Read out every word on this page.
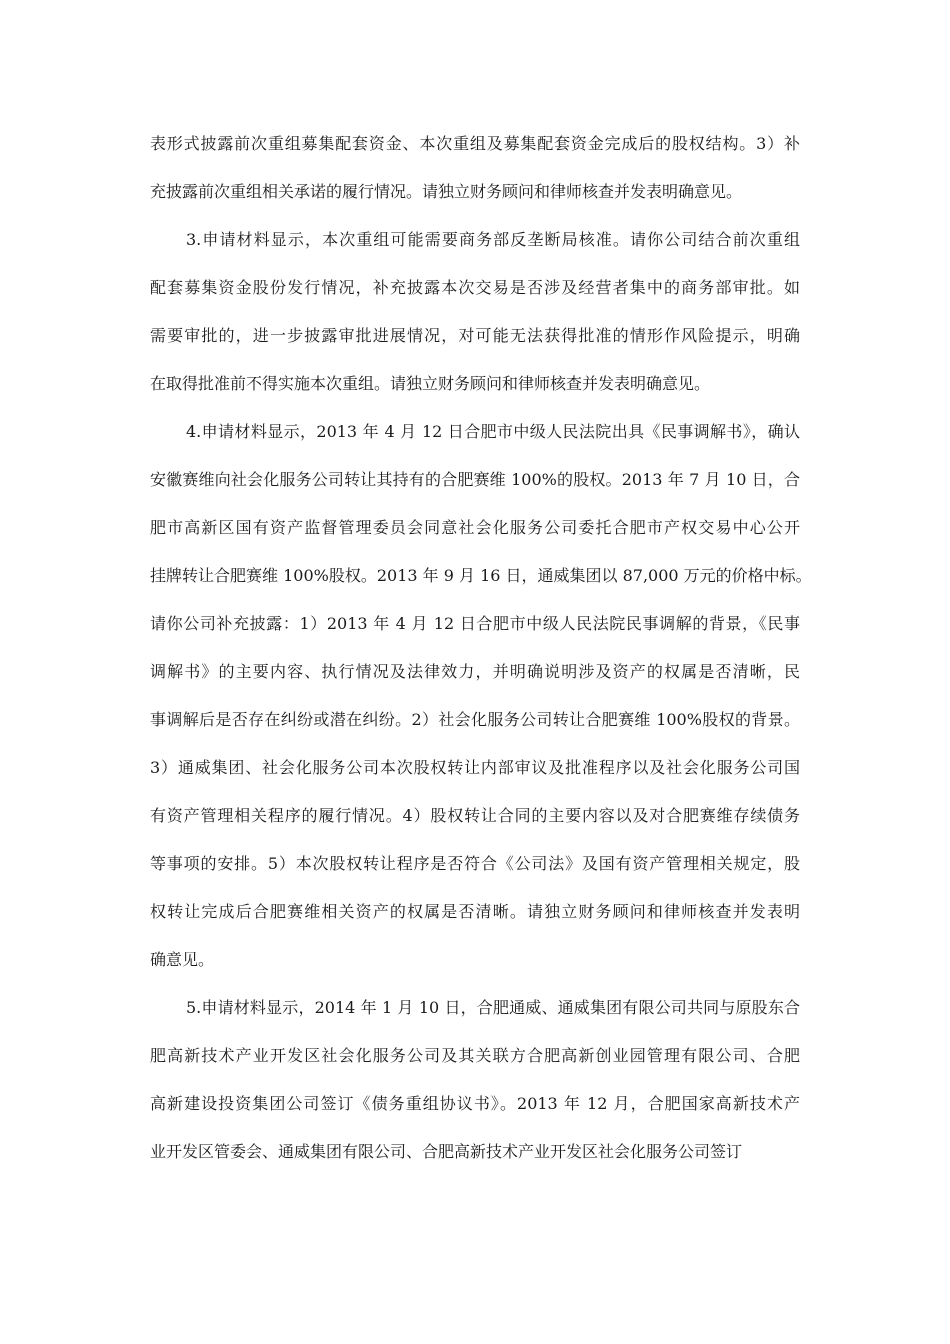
表形式披露前次重组募集配套资金、本次重组及募集配套资金完成后的股权结构。3）补
充披露前次重组相关承诺的履行情况。请独立财务顾问和律师核查并发表明确意见。
3.申请材料显示，本次重组可能需要商务部反垄断局核准。请你公司结合前次重组
配套募集资金股份发行情况，补充披露本次交易是否涉及经营者集中的商务部审批。如
需要审批的，进一步披露审批进展情况，对可能无法获得批准的情形作风险提示，明确
在取得批准前不得实施本次重组。请独立财务顾问和律师核查并发表明确意见。
4.申请材料显示，2013 年 4 月 12 日合肥市中级人民法院出具《民事调解书》，确认
安徽赛维向社会化服务公司转让其持有的合肥赛维 100%的股权。2013 年 7 月 10 日，合
肥市高新区国有资产监督管理委员会同意社会化服务公司委托合肥市产权交易中心公开
挂牌转让合肥赛维 100%股权。2013 年 9 月 16 日，通威集团以 87,000 万元的价格中标。
请你公司补充披露：1）2013 年 4 月 12 日合肥市中级人民法院民事调解的背景，《民事
调解书》的主要内容、执行情况及法律效力，并明确说明涉及资产的权属是否清晰，民
事调解后是否存在纠纷或潜在纠纷。2）社会化服务公司转让合肥赛维 100%股权的背景。
3）通威集团、社会化服务公司本次股权转让内部审议及批准程序以及社会化服务公司国
有资产管理相关程序的履行情况。4）股权转让合同的主要内容以及对合肥赛维存续债务
等事项的安排。5）本次股权转让程序是否符合《公司法》及国有资产管理相关规定，股
权转让完成后合肥赛维相关资产的权属是否清晰。请独立财务顾问和律师核查并发表明
确意见。
5.申请材料显示，2014 年 1 月 10 日，合肥通威、通威集团有限公司共同与原股东合
肥高新技术产业开发区社会化服务公司及其关联方合肥高新创业园管理有限公司、合肥
高新建设投资集团公司签订《债务重组协议书》。2013 年 12 月，合肥国家高新技术产
业开发区管委会、通威集团有限公司、合肥高新技术产业开发区社会化服务公司签订
